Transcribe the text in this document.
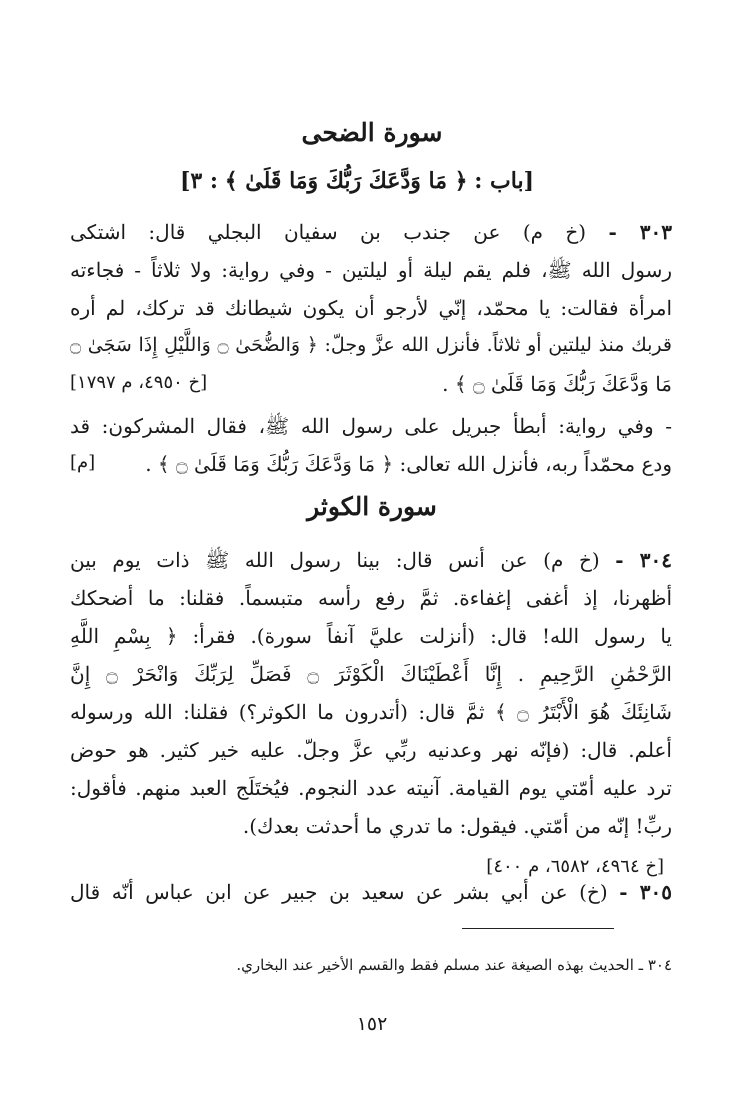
سورة الضحى
[باب :
﴿ مَا وَدَّعَكَ رَبُّكَ وَمَا قَلَىٰ ﴾
: ٣]
٣٠٣ - (خ م) عن جندب بن سفيان البجلي قال: اشتكى
رسول الله ﷺ، فلم يقم ليلة أو ليلتين - وفي رواية: ولا ثلاثاً - فجاءته
امرأة فقالت: يا محمّد، إنّي لأرجو أن يكون شيطانك قد تركك، لم أره
قربك منذ ليلتين أو ثلاثاً. فأنزل الله عزَّ وجلّ: ﴿ وَالضُّحَىٰ ۝ وَاللَّيْلِ إِذَا سَجَىٰ ۝
مَا وَدَّعَكَ رَبُّكَ وَمَا قَلَىٰ ۝ ﴾ .
[خ ٤٩٥٠، م ١٧٩٧]
- وفي رواية: أبطأ جبريل على رسول الله ﷺ، فقال المشركون: قد
ودع محمّداً ربه، فأنزل الله تعالى: ﴿ مَا وَدَّعَكَ رَبُّكَ وَمَا قَلَىٰ ۝ ﴾ .
[م]
سورة الكوثر
٣٠٤ - (خ م) عن أنس قال: بينا رسول الله ﷺ ذات يوم بين
أظهرنا، إذ أغفى إغفاءة. ثمَّ رفع رأسه متبسماً. فقلنا: ما أضحكك
يا رسول الله! قال: (أنزلت عليَّ آنفاً سورة). فقرأ: ﴿ بِسْمِ اللَّهِ
الرَّحْمَٰنِ الرَّحِيمِ . إِنَّا أَعْطَيْنَاكَ الْكَوْثَرَ ۝ فَصَلِّ لِرَبِّكَ وَانْحَرْ ۝ إِنَّ
شَانِئَكَ هُوَ الْأَبْتَرُ ۝ ﴾ ثمَّ قال: (أتدرون ما الكوثر؟) فقلنا: الله ورسوله
أعلم. قال: (فإنّه نهر وعدنيه ربِّي عزَّ وجلّ. عليه خير كثير. هو حوض
ترد عليه أمّتي يوم القيامة. آنيته عدد النجوم. فيُختَلَج العبد منهم. فأقول:
ربِّ! إنّه من أمّتي. فيقول: ما تدري ما أحدثت بعدك).
[خ ٤٩٦٤، ٦٥٨٢، م ٤٠٠]
٣٠٥ - (خ) عن أبي بشر عن سعيد بن جبير عن ابن عباس أنّه قال
٣٠٤ ـ الحديث بهذه الصيغة عند مسلم فقط والقسم الأخير عند البخاري.
١٥٢
